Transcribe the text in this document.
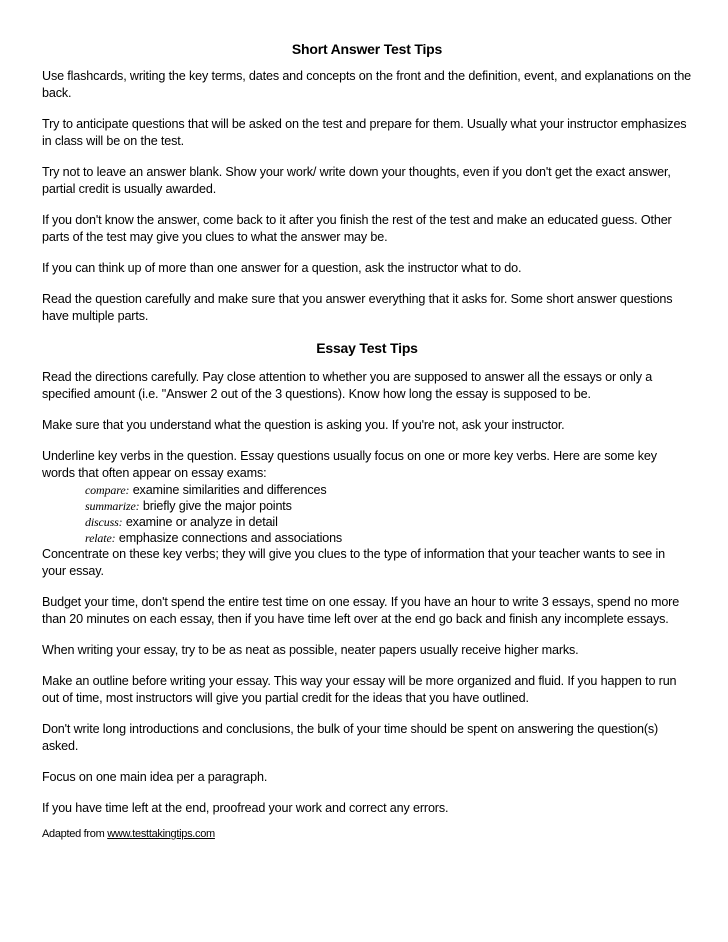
Short Answer Test Tips

Use flashcards, writing the key terms, dates and concepts on the front and the definition, event, and explanations on the back.

Try to anticipate questions that will be asked on the test and prepare for them. Usually what your instructor emphasizes in class will be on the test.

Try not to leave an answer blank. Show your work/ write down your thoughts, even if you don't get the exact answer, partial credit is usually awarded.

If you don't know the answer, come back to it after you finish the rest of the test and make an educated guess. Other parts of the test may give you clues to what the answer may be.

If you can think up of more than one answer for a question, ask the instructor what to do.

Read the question carefully and make sure that you answer everything that it asks for. Some short answer questions have multiple parts.

Essay Test Tips

Read the directions carefully. Pay close attention to whether you are supposed to answer all the essays or only a specified amount (i.e. "Answer 2 out of the 3 questions). Know how long the essay is supposed to be.

Make sure that you understand what the question is asking you. If you're not, ask your instructor.

Underline key verbs in the question. Essay questions usually focus on one or more key verbs. Here are some key words that often appear on essay exams:

compare: examine similarities and differences
summarize: briefly give the major points
discuss: examine or analyze in detail
relate: emphasize connections and associations

Concentrate on these key verbs; they will give you clues to the type of information that your teacher wants to see in your essay.

Budget your time, don't spend the entire test time on one essay. If you have an hour to write 3 essays, spend no more than 20 minutes on each essay, then if you have time left over at the end go back and finish any incomplete essays.

When writing your essay, try to be as neat as possible, neater papers usually receive higher marks.

Make an outline before writing your essay. This way your essay will be more organized and fluid. If you happen to run out of time, most instructors will give you partial credit for the ideas that you have outlined.

Don't write long introductions and conclusions, the bulk of your time should be spent on answering the question(s) asked.

Focus on one main idea per a paragraph.

If you have time left at the end, proofread your work and correct any errors.

Adapted from www.testtakingtips.com
